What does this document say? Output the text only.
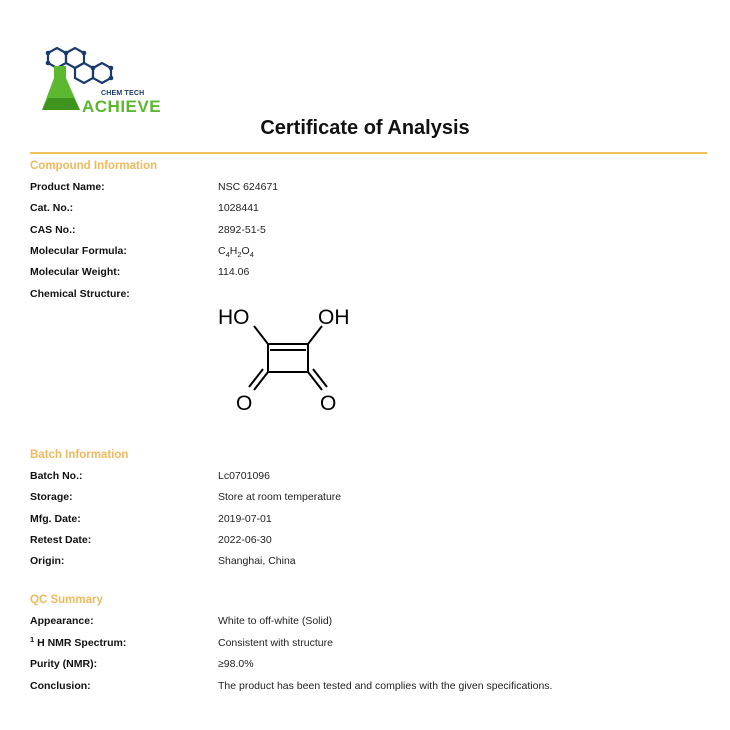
CHEM TECH
ACHIEVE
Certificate of Analysis
Compound Information
Product Name:	NSC 624671
Cat. No.:	1028441
CAS No.:	2892-51-5
Molecular Formula:	$C_4H_2O_4$
Molecular Weight:	114.06
Chemical Structure:
HO	OH
O	O
Batch Information
Batch No.:	Lc0701096
Storage:	Store at room temperature
Mfg. Date:	2019-07-01
Retest Date:	2022-06-30
Origin:	Shanghai, China
QC Summary
Appearance:	White to off-white (Solid)
$^1$ H NMR Spectrum:	Consistent with structure
Purity (NMR):	≥98.0%
Conclusion:	The product has been tested and complies with the given specifications.
